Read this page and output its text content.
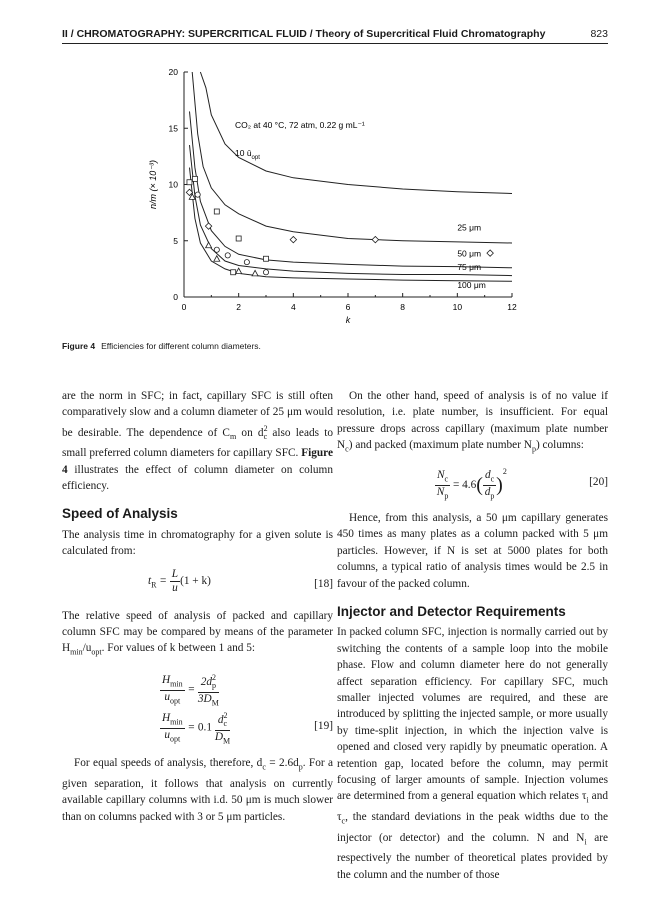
II / CHROMATOGRAPHY: SUPERCRITICAL FLUID / Theory of Supercritical Fluid Chromatography	823
0	2	4	6	8	10	12
0
5
10
15
20
k
n/m (× 10⁻³)
CO₂ at 40 °C, 72 atm, 0.22 g mL⁻¹
10 $ū_{opt}$
25 μm
50 μm
75 μm
100 μm
Figure 4 Efficiencies for different column diameters.

are the norm in SFC; in fact, capillary SFC is still often comparatively slow and a column diameter of 25 μm would be desirable. The dependence of $C_m$ on $d^2_c$ also leads to small preferred column diameters for capillary SFC. Figure 4 illustrates the effect of column diameter on column efficiency.

Speed of Analysis

The analysis time in chromatography for a given solute is calculated from:

$t_R = \frac{L}{u} (1 + k)$	[18]

The relative speed of analysis of packed and capillary column SFC may be compared by means of the parameter $H_{min}/u_{opt}$. For values of k between 1 and 5:

$\frac{H_{min}}{u_{opt}} = \frac{2d^2_p}{3D_M}$
$\frac{H_{min}}{u_{opt}} = 0.1 \frac{d^2_c}{D_M}$	[19]

For equal speeds of analysis, therefore, $d_c = 2.6d_p$. For a given separation, it follows that analysis on currently available capillary columns with i.d. 50 μm is much slower than on columns packed with 3 or 5 μm particles.

On the other hand, speed of analysis is of no value if resolution, i.e. plate number, is insufficient. For equal pressure drops across capillary (maximum plate number $N_c$) and packed (maximum plate number $N_p$) columns:

$\frac{N_c}{N_p} = 4.6( \frac{d_c}{d_p} )^2$
[20]

Hence, from this analysis, a 50 μm capillary generates 450 times as many plates as a column packed with 5 μm particles. However, if N is set at 5000 plates for both columns, a typical ratio of analysis times would be 2.5 in favour of the packed column.

Injector and Detector Requirements

In packed column SFC, injection is normally carried out by switching the contents of a sample loop into the mobile phase. Flow and column diameter here do not generally affect separation efficiency. For capillary SFC, much smaller injected volumes are required, and these are introduced by splitting the injected sample, or more usually by time-split injection, in which the injection valve is opened and closed very rapidly by pneumatic operation. A retention gap, located before the column, may permit focusing of larger amounts of sample. Injection volumes are determined from a general equation which relates $\tau_i$ and $\tau_c$, the standard deviations in the peak widths due to the injector (or detector) and the column. N and $N_i$ are respectively the number of theoretical plates provided by the column and the number of those
